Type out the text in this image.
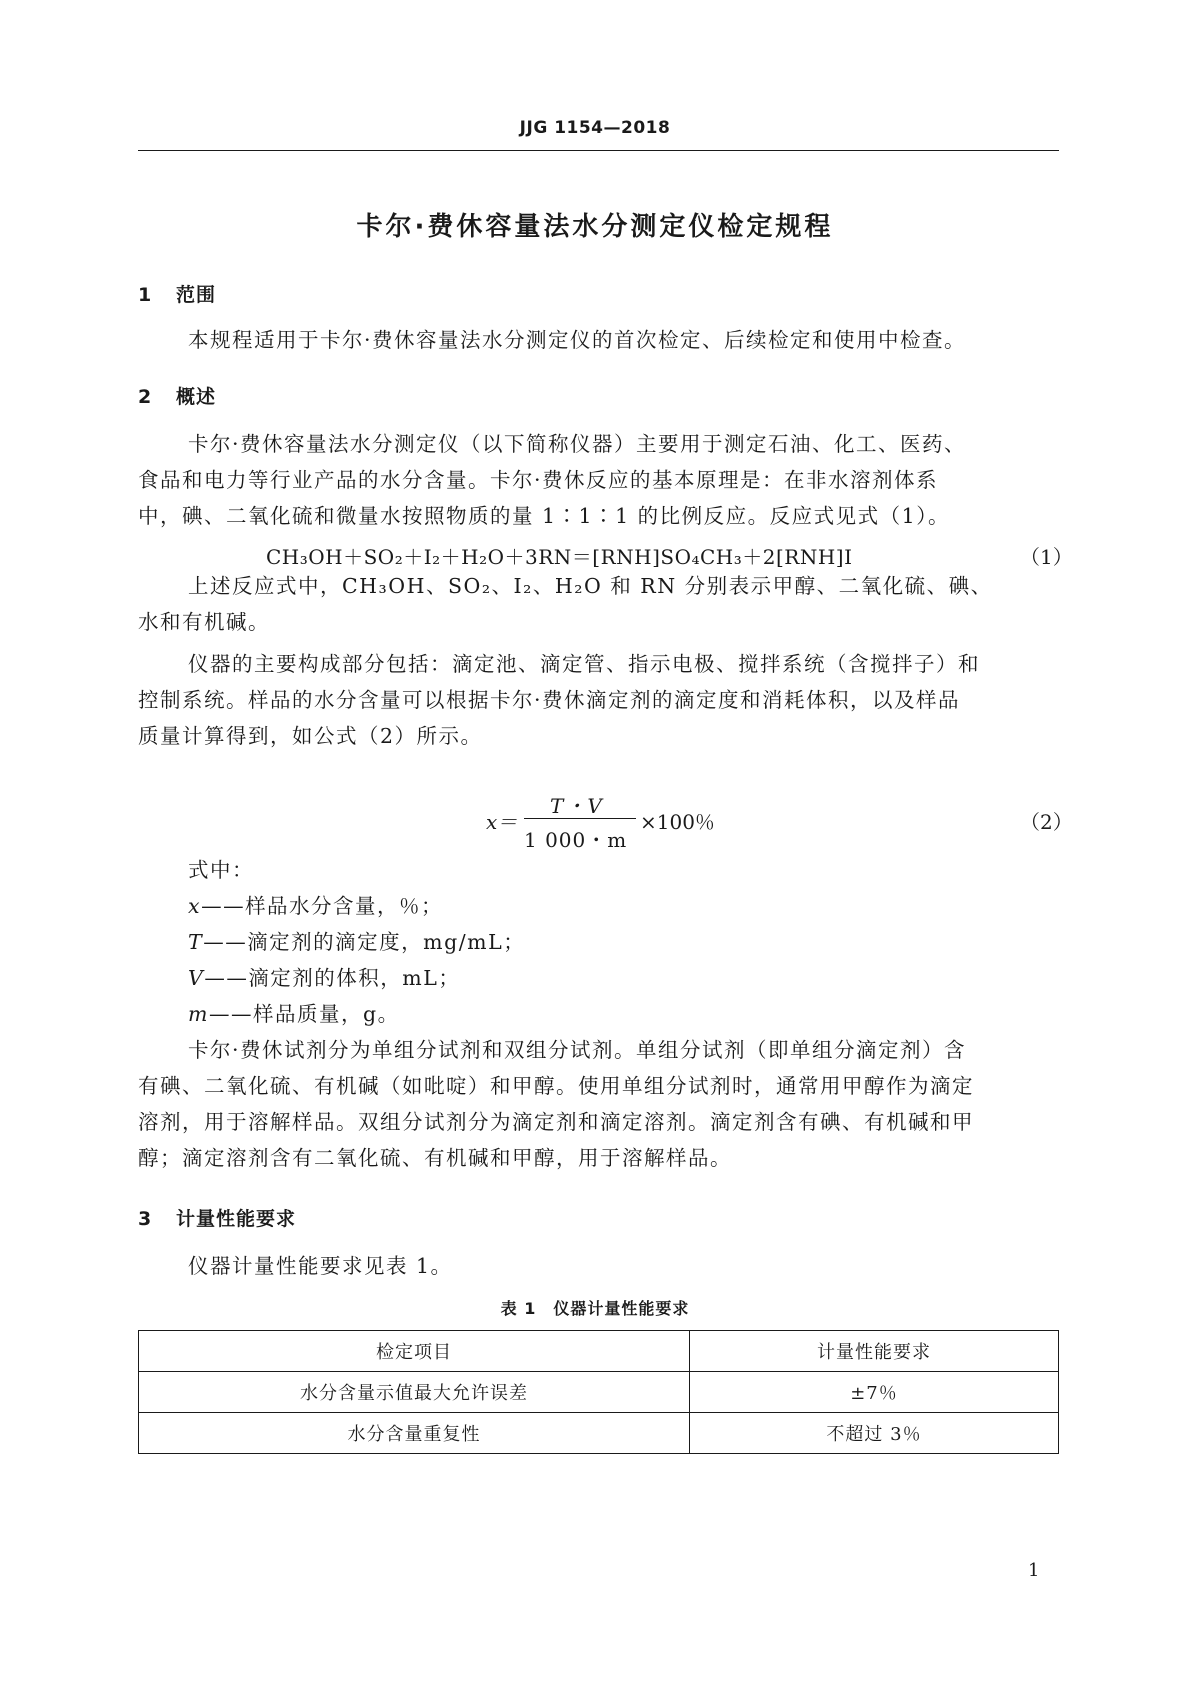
JJG 1154—2018
卡尔·费休容量法水分测定仪检定规程
1 范围
本规程适用于卡尔·费休容量法水分测定仪的首次检定、后续检定和使用中检查。
2 概述
卡尔·费休容量法水分测定仪（以下简称仪器）主要用于测定石油、化工、医药、
食品和电力等行业产品的水分含量。卡尔·费休反应的基本原理是：在非水溶剂体系
中，碘、二氧化硫和微量水按照物质的量 1∶1∶1 的比例反应。反应式见式（1）。
CH₃OH＋SO₂＋I₂＋H₂O＋3RN＝[RNH]SO₄CH₃＋2[RNH]I	（1）
上述反应式中，CH₃OH、SO₂、I₂、H₂O 和 RN 分别表示甲醇、二氧化硫、碘、
水和有机碱。
仪器的主要构成部分包括：滴定池、滴定管、指示电极、搅拌系统（含搅拌子）和
控制系统。样品的水分含量可以根据卡尔·费休滴定剂的滴定度和消耗体积，以及样品
质量计算得到，如公式（2）所示。
x＝
T・V
1 000・m
×100％	（2）
式中：
x——样品水分含量，％；
T——滴定剂的滴定度，mg/mL；
V——滴定剂的体积，mL；
m——样品质量，g。
卡尔·费休试剂分为单组分试剂和双组分试剂。单组分试剂（即单组分滴定剂）含
有碘、二氧化硫、有机碱（如吡啶）和甲醇。使用单组分试剂时，通常用甲醇作为滴定
溶剂，用于溶解样品。双组分试剂分为滴定剂和滴定溶剂。滴定剂含有碘、有机碱和甲
醇；滴定溶剂含有二氧化硫、有机碱和甲醇，用于溶解样品。
3 计量性能要求
仪器计量性能要求见表 1。
表 1　仪器计量性能要求
检定项目	计量性能要求
水分含量示值最大允许误差	±7％
水分含量重复性	不超过 3％
1
